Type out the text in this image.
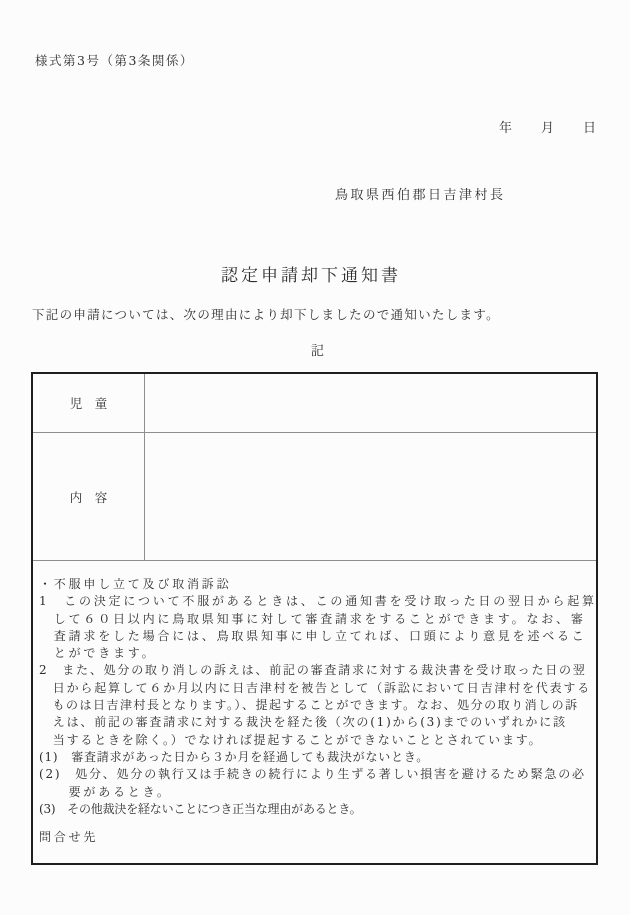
様式第3号（第3条関係）
年　　月　　日
鳥取県西伯郡日吉津村長
認定申請却下通知書
下記の申請については、次の理由により却下しましたので通知いたします。
記
児　童
内　容
・不服申し立て及び取消訴訟
1　この決定について不服があるときは、この通知書を受け取った日の翌日から起算
　して６０日以内に鳥取県知事に対して審査請求をすることができます。なお、審
　査請求をした場合には、鳥取県知事に申し立てれば、口頭により意見を述べるこ
　とができます。
2　また、処分の取り消しの訴えは、前記の審査請求に対する裁決書を受け取った日の翌
　日から起算して６か月以内に日吉津村を被告として（訴訟において日吉津村を代表する
　ものは日吉津村長となります。）、提起することができます。なお、処分の取り消しの訴
　えは、前記の審査請求に対する裁決を経た後（次の(1)から(3)までのいずれかに該
　当するときを除く。）でなければ提起することができないこととされています。
(1)　審査請求があった日から３か月を経過しても裁決がないとき。
(2)　処分、処分の執行又は手続きの続行により生ずる著しい損害を避けるため緊急の必
　　要があるとき。
(3)　その他裁決を経ないことにつき正当な理由があるとき。
問合せ先
